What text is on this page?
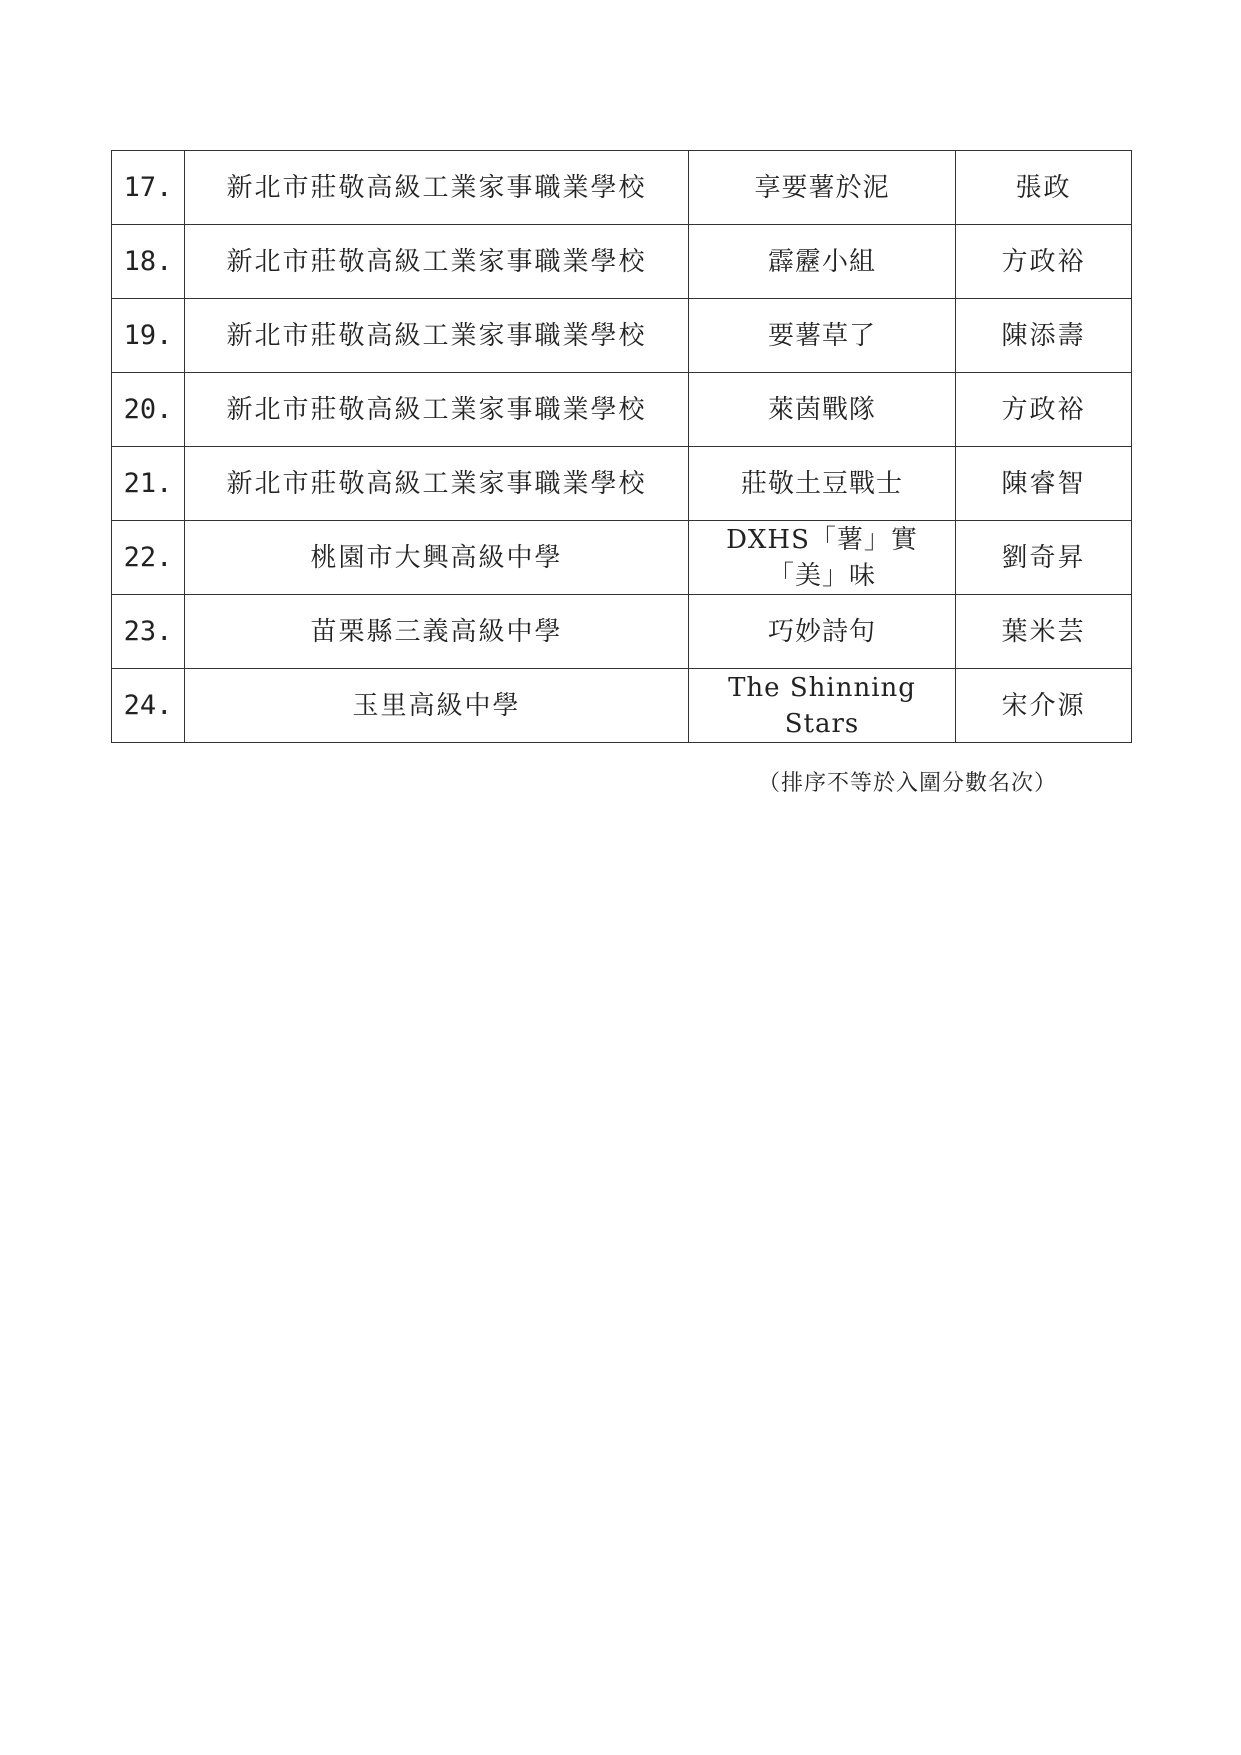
17.	新北市莊敬高級工業家事職業學校	享要薯於泥	張政
18.	新北市莊敬高級工業家事職業學校	霹靂小組	方政裕
19.	新北市莊敬高級工業家事職業學校	要薯草了	陳添壽
20.	新北市莊敬高級工業家事職業學校	萊茵戰隊	方政裕
21.	新北市莊敬高級工業家事職業學校	莊敬土豆戰士	陳睿智
22.	桃園市大興高級中學	DXHS「薯」實「美」味	劉奇昇
23.	苗栗縣三義高級中學	巧妙詩句	葉米芸
24.	玉里高級中學	The Shinning Stars	宋介源
（排序不等於入圍分數名次）
